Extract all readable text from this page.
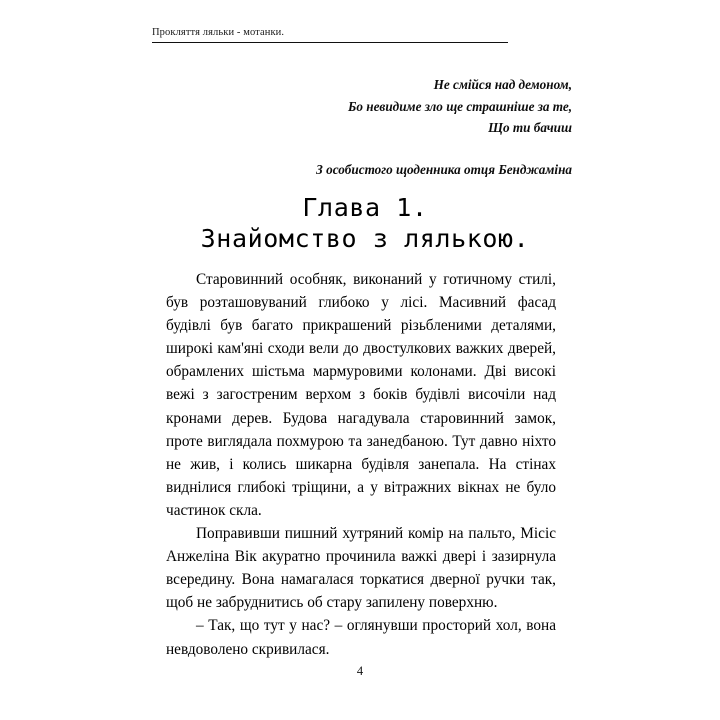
Прокляття ляльки - мотанки.
Не смійся над демоном,
Бо невидиме зло ще страшніше за те,
Що ти бачиш
З особистого щоденника отця Бенджаміна
Глава 1.
Знайомство з лялькою.

Старовинний особняк, виконаний у готичному стилі, був розташовуваний глибоко у лісі. Масивний фасад будівлі був багато прикрашений різьбленими деталями, широкі кам'яні сходи вели до двостулкових важких дверей, обрамлених шістьма мармуровими колонами. Дві високі вежі з загостреним верхом з боків будівлі височіли над кронами дерев. Будова нагадувала старовинний замок, проте виглядала похмурою та занедбаною. Тут давно ніхто не жив, і колись шикарна будівля занепала. На стінах виднілися глибокі тріщини, а у вітражних вікнах не було частинок скла.

Поправивши пишний хутряний комір на пальто, Місіс Анжеліна Вік акуратно прочинила важкі двері і зазирнула всередину. Вона намагалася торкатися дверної ручки так, щоб не забруднитись об стару запилену поверхню.

– Так, що тут у нас? – оглянувши просторий хол, вона невдоволено скривилася.

4
